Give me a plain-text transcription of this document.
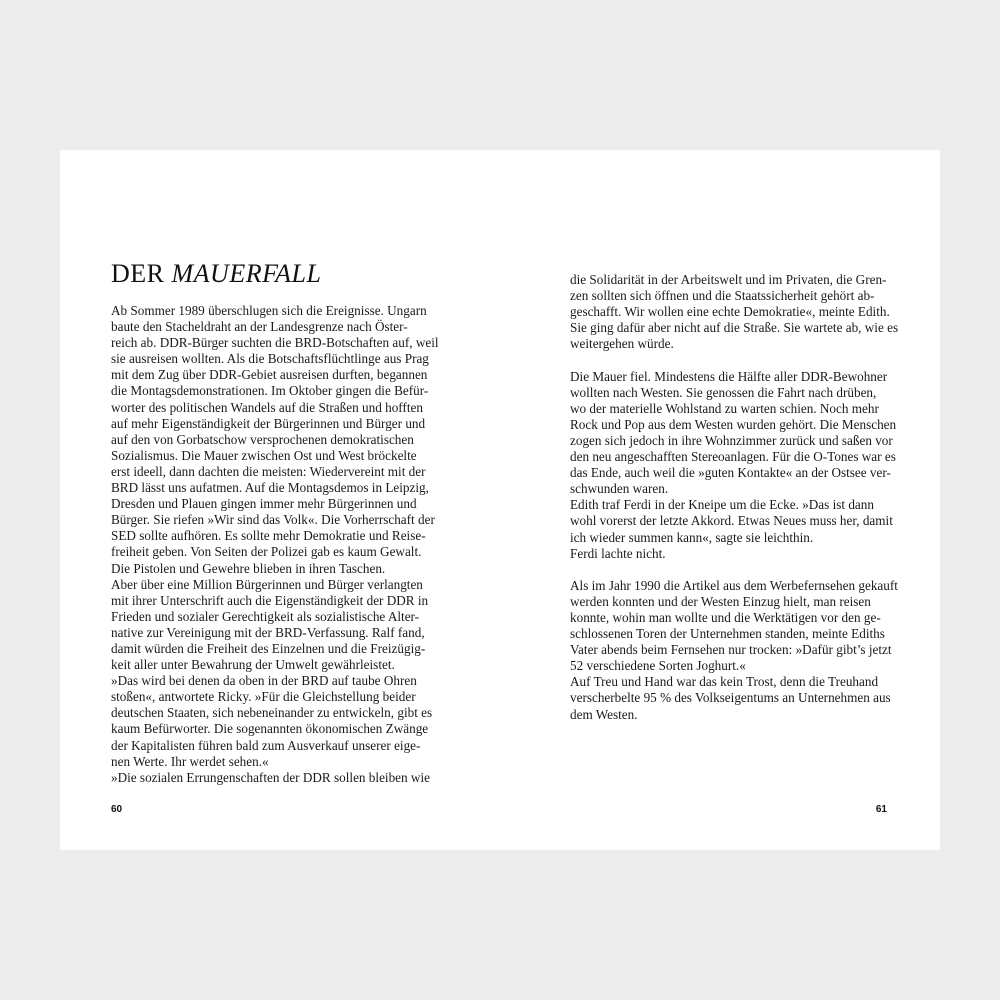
DER MAUERFALL
Ab Sommer 1989 überschlugen sich die Ereignisse. Ungarn
baute den Stacheldraht an der Landesgrenze nach Öster-
reich ab. DDR-Bürger suchten die BRD-Botschaften auf, weil
sie ausreisen wollten. Als die Botschaftsflüchtlinge aus Prag
mit dem Zug über DDR-Gebiet ausreisen durften, begannen
die Montagsdemonstrationen. Im Oktober gingen die Befür-
worter des politischen Wandels auf die Straßen und hofften
auf mehr Eigenständigkeit der Bürgerinnen und Bürger und
auf den von Gorbatschow versprochenen demokratischen
Sozialismus. Die Mauer zwischen Ost und West bröckelte
erst ideell, dann dachten die meisten: Wiedervereint mit der
BRD lässt uns aufatmen. Auf die Montagsdemos in Leipzig,
Dresden und Plauen gingen immer mehr Bürgerinnen und
Bürger. Sie riefen »Wir sind das Volk«. Die Vorherrschaft der
SED sollte aufhören. Es sollte mehr Demokratie und Reise-
freiheit geben. Von Seiten der Polizei gab es kaum Gewalt.
Die Pistolen und Gewehre blieben in ihren Taschen.
Aber über eine Million Bürgerinnen und Bürger verlangten
mit ihrer Unterschrift auch die Eigenständigkeit der DDR in
Frieden und sozialer Gerechtigkeit als sozialistische Alter-
native zur Vereinigung mit der BRD-Verfassung. Ralf fand,
damit würden die Freiheit des Einzelnen und die Freizügig-
keit aller unter Bewahrung der Umwelt gewährleistet.
»Das wird bei denen da oben in der BRD auf taube Ohren
stoßen«, antwortete Ricky. »Für die Gleichstellung beider
deutschen Staaten, sich nebeneinander zu entwickeln, gibt es
kaum Befürworter. Die sogenannten ökonomischen Zwänge
der Kapitalisten führen bald zum Ausverkauf unserer eige-
nen Werte. Ihr werdet sehen.«
»Die sozialen Errungenschaften der DDR sollen bleiben wie
60
die Solidarität in der Arbeitswelt und im Privaten, die Gren-
zen sollten sich öffnen und die Staatssicherheit gehört ab-
geschafft. Wir wollen eine echte Demokratie«, meinte Edith.
Sie ging dafür aber nicht auf die Straße. Sie wartete ab, wie es
weitergehen würde.
Die Mauer fiel. Mindestens die Hälfte aller DDR-Bewohner
wollten nach Westen. Sie genossen die Fahrt nach drüben,
wo der materielle Wohlstand zu warten schien. Noch mehr
Rock und Pop aus dem Westen wurden gehört. Die Menschen
zogen sich jedoch in ihre Wohnzimmer zurück und saßen vor
den neu angeschafften Stereoanlagen. Für die O-Tones war es
das Ende, auch weil die »guten Kontakte« an der Ostsee ver-
schwunden waren.
Edith traf Ferdi in der Kneipe um die Ecke. »Das ist dann
wohl vorerst der letzte Akkord. Etwas Neues muss her, damit
ich wieder summen kann«, sagte sie leichthin.
Ferdi lachte nicht.
Als im Jahr 1990 die Artikel aus dem Werbefernsehen gekauft
werden konnten und der Westen Einzug hielt, man reisen
konnte, wohin man wollte und die Werktätigen vor den ge-
schlossenen Toren der Unternehmen standen, meinte Ediths
Vater abends beim Fernsehen nur trocken: »Dafür gibt’s jetzt
52 verschiedene Sorten Joghurt.«
Auf Treu und Hand war das kein Trost, denn die Treuhand
verscherbelte 95 % des Volkseigentums an Unternehmen aus
dem Westen.
61
